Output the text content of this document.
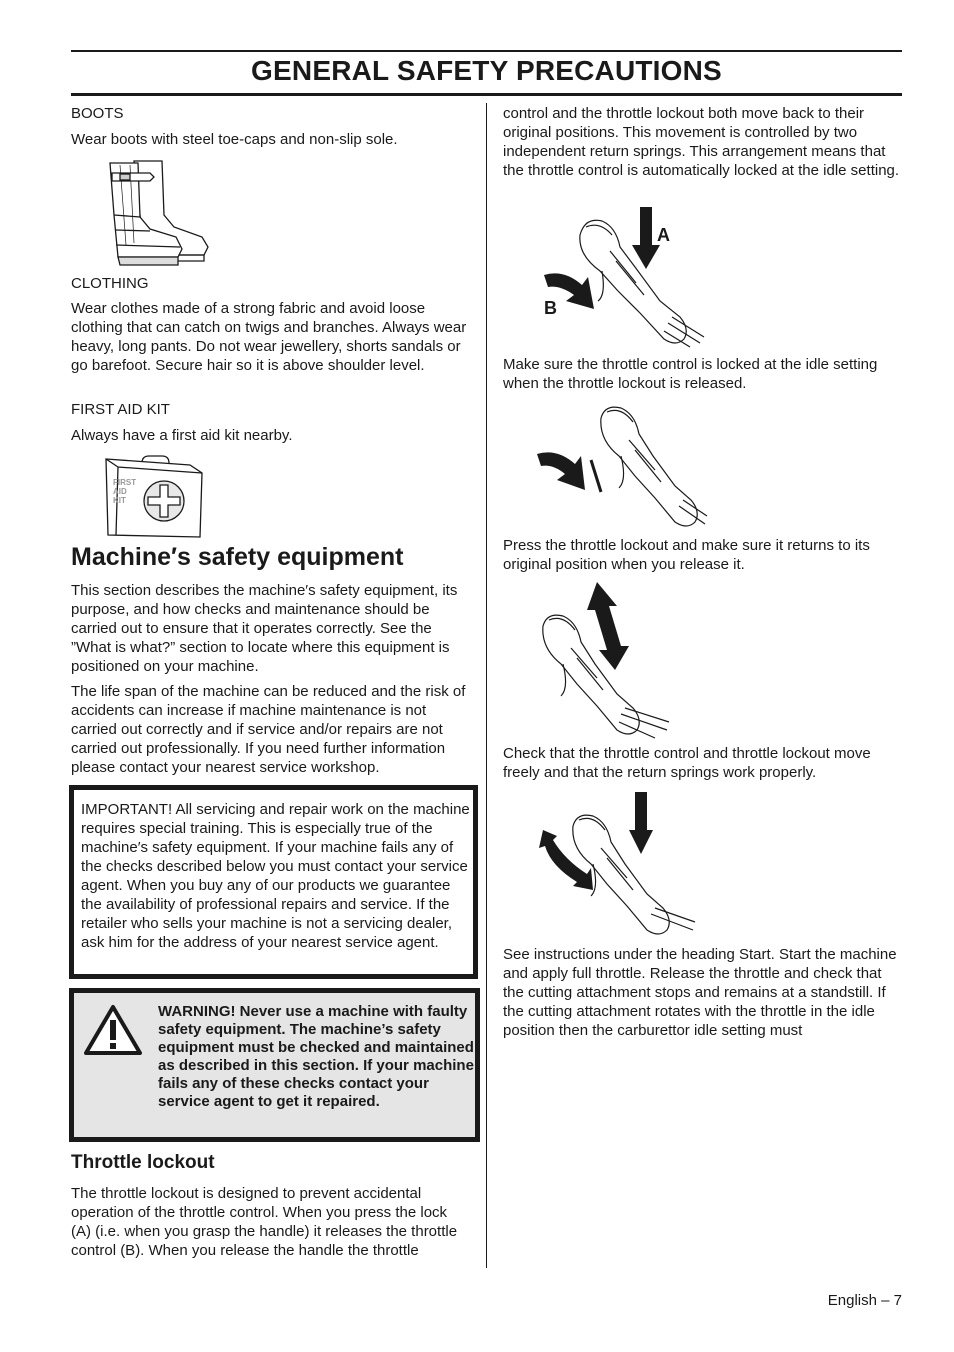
GENERAL SAFETY PRECAUTIONS
BOOTS
Wear boots with steel toe-caps and non-slip sole.
CLOTHING
Wear clothes made of a strong fabric and avoid loose clothing that can catch on twigs and branches. Always wear heavy, long pants. Do not wear jewellery, shorts sandals or go barefoot. Secure hair so it is above shoulder level.
FIRST AID KIT
Always have a first aid kit nearby.
FIRST
AID
KIT
Machine′s safety equipment
This section describes the machine′s safety equipment, its purpose, and how checks and maintenance should be carried out to ensure that it operates correctly. See the ”What is what?” section to locate where this equipment is positioned on your machine.
The life span of the machine can be reduced and the risk of accidents can increase if machine maintenance is not carried out correctly and if service and/or repairs are not carried out professionally. If you need further information please contact your nearest service workshop.
IMPORTANT! All servicing and repair work on the machine requires special training. This is especially true of the machine′s safety equipment. If your machine fails any of the checks described below you must contact your service agent. When you buy any of our products we guarantee the availability of professional repairs and service. If the retailer who sells your machine is not a servicing dealer, ask him for the address of your nearest service agent.
WARNING! Never use a machine with faulty safety equipment. The machine’s safety equipment must be checked and maintained as described in this section. If your machine fails any of these checks contact your service agent to get it repaired.
Throttle lockout
The throttle lockout is designed to prevent accidental operation of the throttle control. When you press the lock (A) (i.e. when you grasp the handle) it releases the throttle control (B). When you release the handle the throttle
control and the throttle lockout both move back to their original positions. This movement is controlled by two independent return springs. This arrangement means that the throttle control is automatically locked at the idle setting.
A
B
Make sure the throttle control is locked at the idle setting when the throttle lockout is released.
Press the throttle lockout and make sure it returns to its original position when you release it.
Check that the throttle control and throttle lockout move freely and that the return springs work properly.
See instructions under the heading Start. Start the machine and apply full throttle. Release the throttle and check that the cutting attachment stops and remains at a standstill. If the cutting attachment rotates with the throttle in the idle position then the carburettor idle setting must
English – 7
